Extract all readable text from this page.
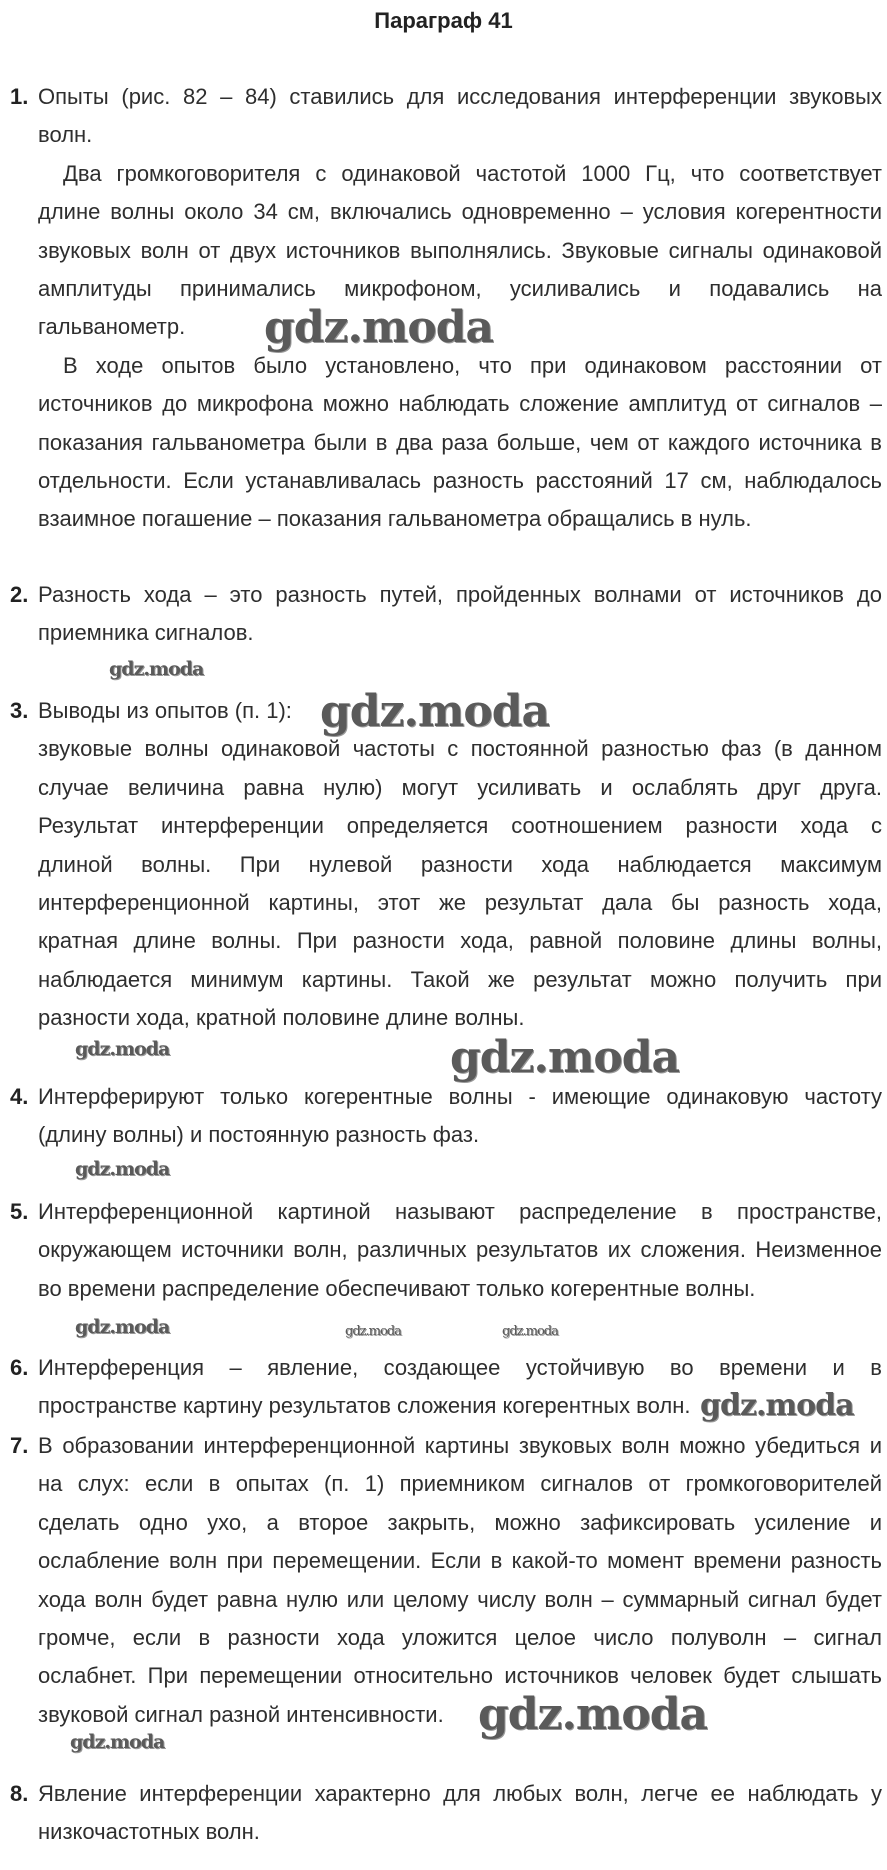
Параграф 41
1. Опыты (рис. 82 – 84) ставились для исследования интерференции звуковых
волн.
Два громкоговорителя с одинаковой частотой 1000 Гц, что соответствует
длине волны около 34 см, включались одновременно – условия когерентности
звуковых волн от двух источников выполнялись. Звуковые сигналы одинаковой
амплитуды принимались микрофоном, усиливались и подавались на
гальванометр.
В ходе опытов было установлено, что при одинаковом расстоянии от
источников до микрофона можно наблюдать сложение амплитуд от сигналов –
показания гальванометра были в два раза больше, чем от каждого источника в
отдельности. Если устанавливалась разность расстояний 17 см, наблюдалось
взаимное погашение – показания гальванометра обращались в нуль.
2. Разность хода – это разность путей, пройденных волнами от источников до
приемника сигналов.
3. Выводы из опытов (п. 1):
звуковые волны одинаковой частоты с постоянной разностью фаз (в данном
случае величина равна нулю) могут усиливать и ослаблять друг друга.
Результат интерференции определяется соотношением разности хода с
длиной волны. При нулевой разности хода наблюдается максимум
интерференционной картины, этот же результат дала бы разность хода,
кратная длине волны. При разности хода, равной половине длины волны,
наблюдается минимум картины. Такой же результат можно получить при
разности хода, кратной половине длине волны.
4. Интерферируют только когерентные волны - имеющие одинаковую частоту
(длину волны) и постоянную разность фаз.
5. Интерференционной картиной называют распределение в пространстве,
окружающем источники волн, различных результатов их сложения. Неизменное
во времени распределение обеспечивают только когерентные волны.
6. Интерференция – явление, создающее устойчивую во времени и в
пространстве картину результатов сложения когерентных волн.
7. В образовании интерференционной картины звуковых волн можно убедиться и
на слух: если в опытах (п. 1) приемником сигналов от громкоговорителей
сделать одно ухо, а второе закрыть, можно зафиксировать усиление и
ослабление волн при перемещении. Если в какой-то момент времени разность
хода волн будет равна нулю или целому числу волн – суммарный сигнал будет
громче, если в разности хода уложится целое число полуволн – сигнал
ослабнет. При перемещении относительно источников человек будет слышать
звуковой сигнал разной интенсивности.
8. Явление интерференции характерно для любых волн, легче ее наблюдать у
низкочастотных волн.
gdz.moda
gdz.moda
gdz.moda
gdz.moda
gdz.moda
gdz.moda
gdz.moda	gdz.moda	gdz.moda
gdz.moda
gdz.moda
gdz.moda
